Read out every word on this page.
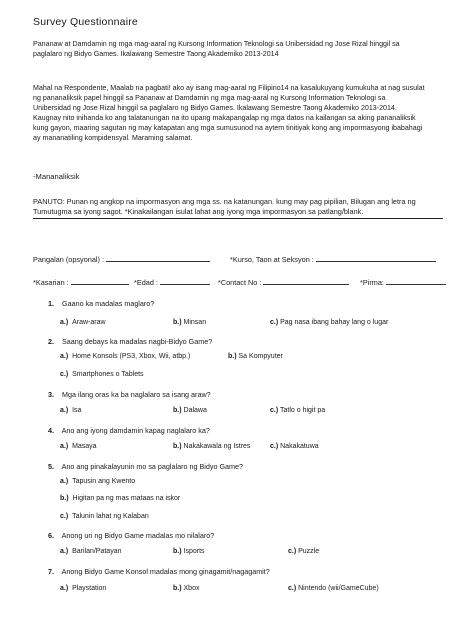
Survey Questionnaire
Pananaw at Damdamin ng mga mag-aaral ng Kursong Information Teknologi sa Unibersidad ng Jose Rizal hinggil sa
paglalaro ng Bidyo Games. Ikalawang Semestre Taong Akademiko 2013-2014
Mahal na Respondente, Maalab na pagbati! ako ay isang mag-aaral ng Filipino14 na kasalukuyang kumukuha at nag susulat
ng pananaliksik papel hinggil sa Pananaw at Damdamin ng mga mag-aaral ng Kursong Information Teknologi sa
Unibersidad ng Jose Rizal hinggil sa paglalaro ng Bidyo Games. Ikalawang Semestre Taong Akademiko 2013-2014.
Kaugnay nito inihanda ko ang talatanungan na ito upang makapangalap ng mga datos na kailangan sa aking pananaliksik
kung gayon, maaring sagutan ng may katapatan ang mga sumusunod na aytem tinitiyak kong ang impormasyong ibabahagi
ay mananatiling kompidensyal. Maraming salamat.
-Mananaliksik
PANUTO: Punan ng angkop na impormasyon ang mga ss. na katanungan. kung may pag pipilian, Bilugan ang letra ng
Tumutugma sa iyong sagot. *Kinakailangan isulat lahat ang iyong mga impormasyon sa patlang/blank.
Pangalan (opsyonal) :	*Kurso, Taon at Seksyon :
*Kasarian :	*Edad :	*Contact No :	*Pirma:
1. Gaano ka madalas maglaro?
a.) Araw-araw	b.) Minsan	c.) Pag nasa ibang bahay lang o lugar
2. Saang debays ka madalas nagbi-Bidyo Game?
a.) Home Konsols (PS3, Xbox, Wii, atbp.)	b.) Sa Kompyuter
c.) Smartphones o Tablets
3. Mga ilang oras ka ba naglalaro sa isang araw?
a.) Isa	b.) Dalawa	c.) Tatlo o higit pa
4. Ano ang iyong damdamin kapag naglalaro ka?
a.) Masaya	b.) Nakakawala ng Istres	c.) Nakakatuwa
5. Ano ang pinakalayunin mo sa paglalaro ng Bidyo Game?
a.) Tapusin ang Kwento
b.) Higitan pa ng mas mataas na iskor
c.) Talunin lahat ng Kalaban
6. Anong uri ng Bidyo Game madalas mo nilalaro?
a.) Barilan/Patayan	b.) Isports	c.) Puzzle
7. Anong Bidyo Game Konsol madalas mong ginagamit/nagagamit?
a.) Playstation	b.) Xbox	c.) Nintendo (wii/GameCube)
